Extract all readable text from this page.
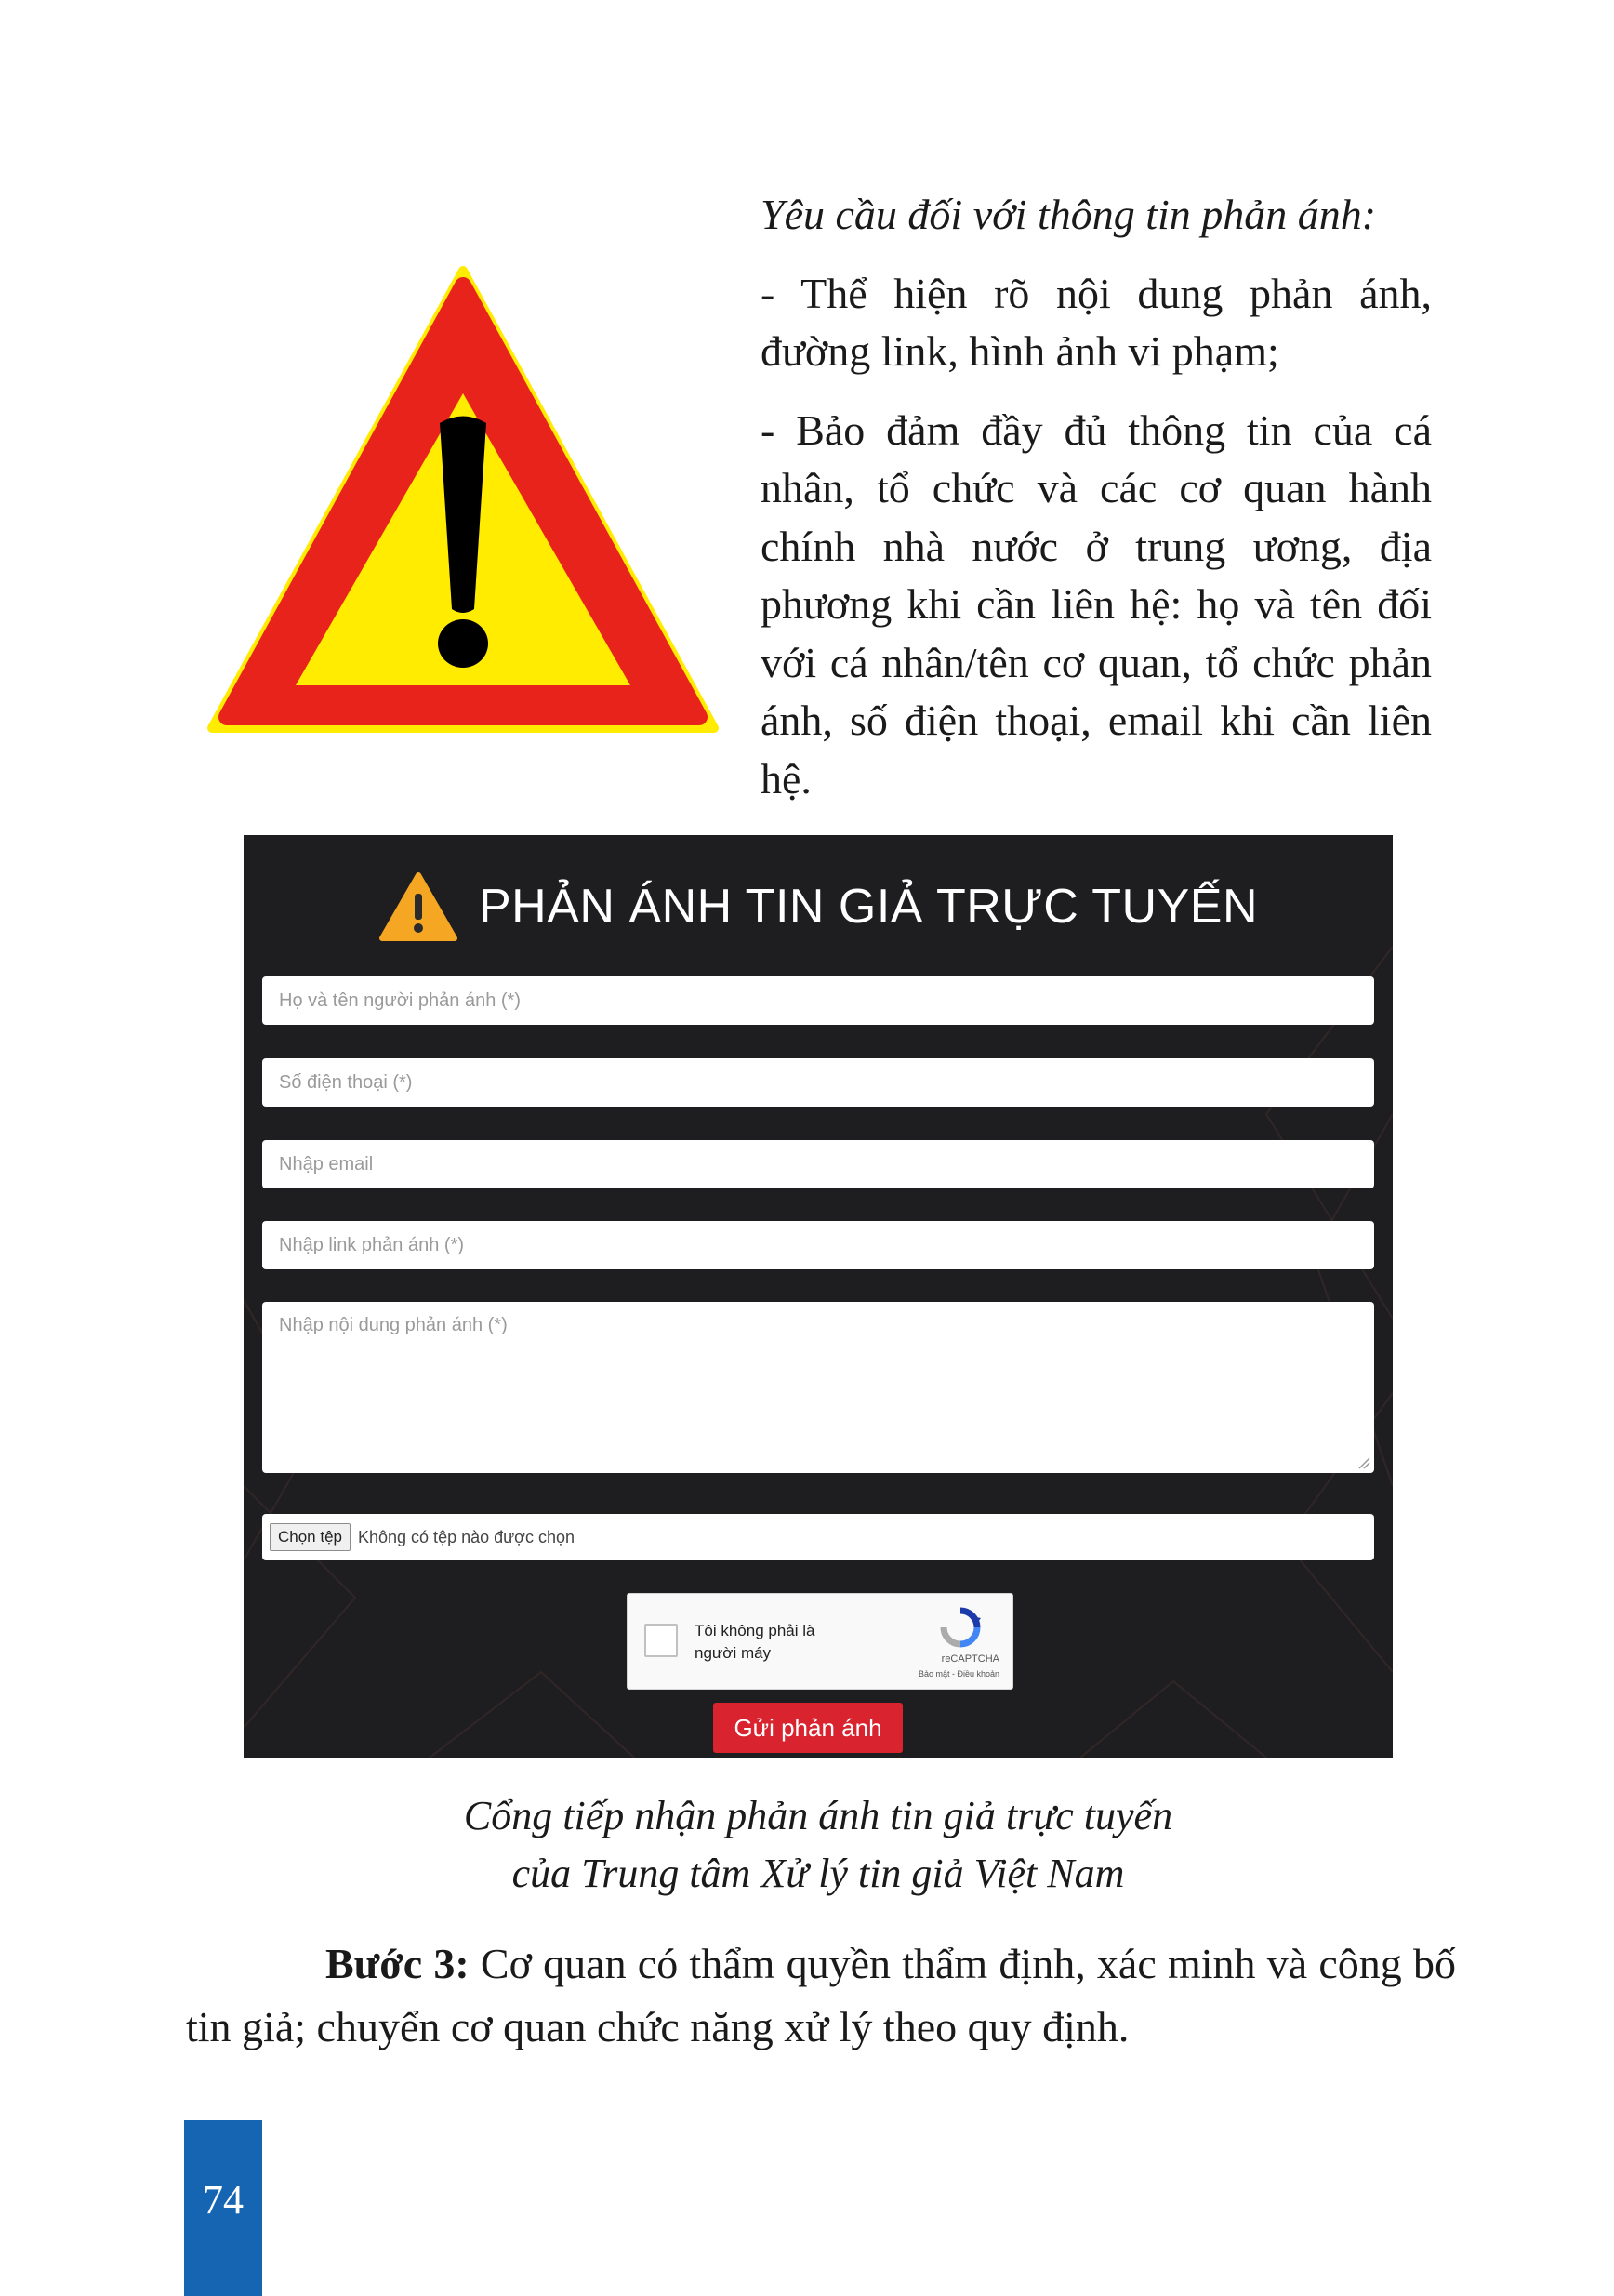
Yêu cầu đối với thông tin phản ánh:
- Thể hiện rõ nội dung phản ánh, đường link, hình ảnh vi phạm;
- Bảo đảm đầy đủ thông tin của cá nhân, tổ chức và các cơ quan hành chính nhà nước ở trung ương, địa phương khi cần liên hệ: họ và tên đối với cá nhân/tên cơ quan, tổ chức phản ánh, số điện thoại, email khi cần liên hệ.
PHẢN ÁNH TIN GIẢ TRỰC TUYẾN
Họ và tên người phản ánh (*)
Số điện thoại (*)
Nhập email
Nhập link phản ánh (*)
Nhập nội dung phản ánh (*)
Chọn tệp Không có tệp nào được chọn
Tôi không phải là người máy	reCAPTCHA
Bảo mật - Điều khoản
Gửi phản ánh
Cổng tiếp nhận phản ánh tin giả trực tuyến
của Trung tâm Xử lý tin giả Việt Nam
Bước 3: Cơ quan có thẩm quyền thẩm định, xác minh và công bố tin giả; chuyển cơ quan chức năng xử lý theo quy định.
74
